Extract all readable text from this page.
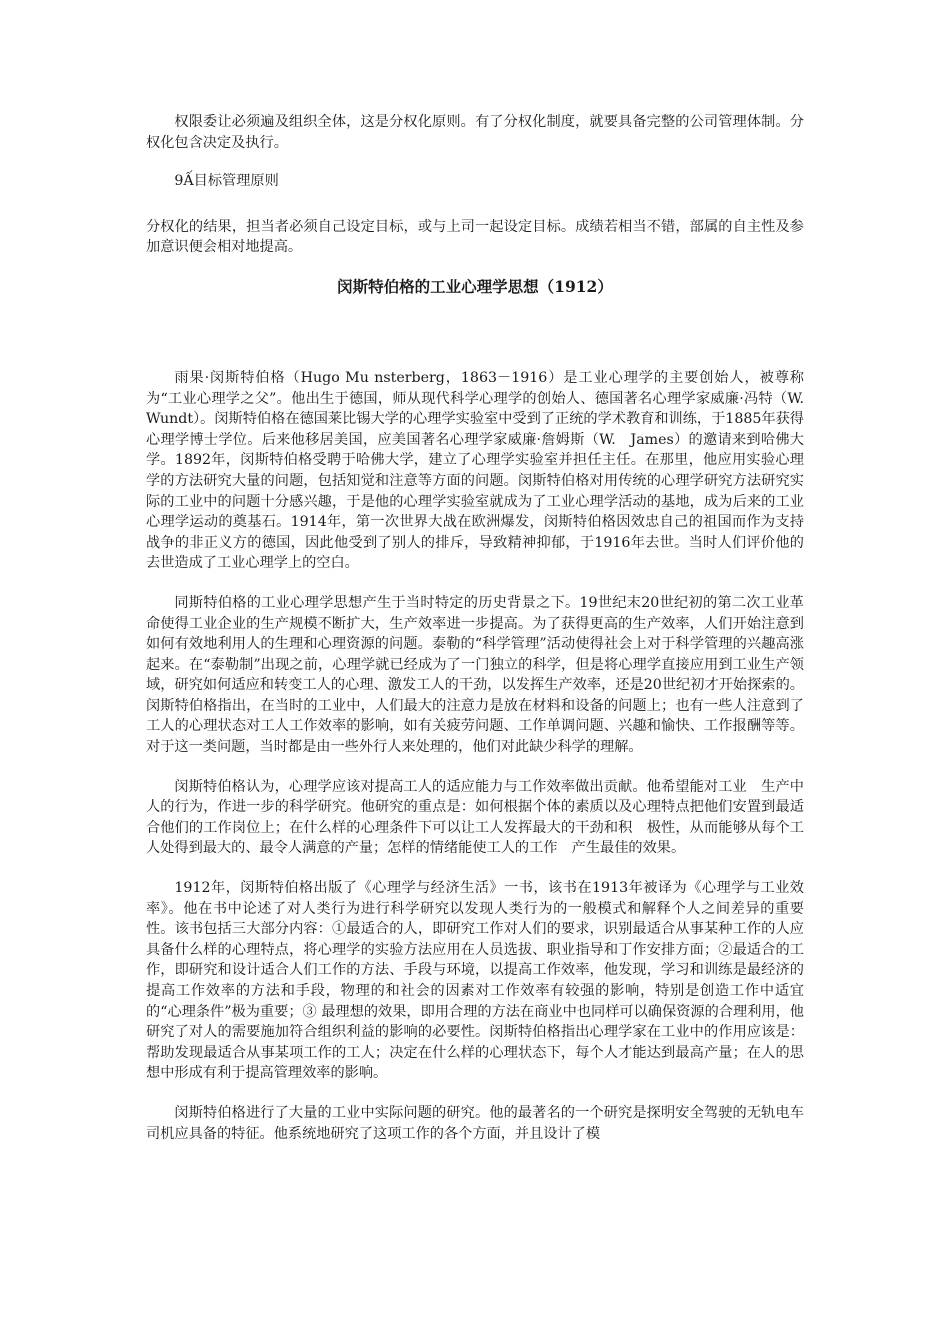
权限委让必须遍及组织全体，这是分权化原则。有了分权化制度，就要具备完整的公司管理体制。分权化包含决定及执行。

9Ấ目标管理原则

分权化的结果，担当者必须自己设定目标，或与上司一起设定目标。成绩若相当不错，部属的自主性及参加意识便会相对地提高。

闵斯特伯格的工业心理学思想（1912）

雨果·闵斯特伯格（Hugo Mu nsterberg，1863－1916）是工业心理学的主要创始人，被尊称为“工业心理学之父”。他出生于德国，师从现代科学心理学的创始人、德国著名心理学家威廉·冯特（W.　Wundt）。闵斯特伯格在德国莱比锡大学的心理学实验室中受到了正统的学术教育和训练，于1885年获得心理学博士学位。后来他移居美国，应美国著名心理学家威廉·詹姆斯（W.　James）的邀请来到哈佛大学。1892年，闵斯特伯格受聘于哈佛大学，建立了心理学实验室并担任主任。在那里，他应用实验心理学的方法研究大量的问题，包括知觉和注意等方面的问题。闵斯特伯格对用传统的心理学研究方法研究实际的工业中的问题十分感兴趣，于是他的心理学实验室就成为了工业心理学活动的基地，成为后来的工业心理学运动的奠基石。1914年，第一次世界大战在欧洲爆发，闵斯特伯格因效忠自己的祖国而作为支持战争的非正义方的德国，因此他受到了别人的排斥，导致精神抑郁，于1916年去世。当时人们评价他的去世造成了工业心理学上的空白。

同斯特伯格的工业心理学思想产生于当时特定的历史背景之下。19世纪末20世纪初的第二次工业革命使得工业企业的生产规模不断扩大，生产效率进一步提高。为了获得更高的生产效率，人们开始注意到如何有效地利用人的生理和心理资源的问题。泰勒的“科学管理”活动使得社会上对于科学管理的兴趣高涨起来。在“泰勒制”出现之前，心理学就已经成为了一门独立的科学，但是将心理学直接应用到工业生产领域，研究如何适应和转变工人的心理、激发工人的干劲，以发挥生产效率，还是20世纪初才开始探索的。闵斯特伯格指出，在当时的工业中，人们最大的注意力是放在材料和设备的问题上；也有一些人注意到了工人的心理状态对工人工作效率的影响，如有关疲劳问题、工作单调问题、兴趣和愉快、工作报酬等等。对于这一类问题，当时都是由一些外行人来处理的，他们对此缺少科学的理解。

闵斯特伯格认为，心理学应该对提高工人的适应能力与工作效率做出贡献。他希望能对工业　生产中人的行为，作进一步的科学研究。他研究的重点是：如何根据个体的素质以及心理特点把他们安置到最适合他们的工作岗位上；在什么样的心理条件下可以让工人发挥最大的干劲和积　极性，从而能够从每个工人处得到最大的、最令人满意的产量；怎样的情绪能使工人的工作　产生最佳的效果。

1912年，闵斯特伯格出版了《心理学与经济生活》一书，该书在1913年被译为《心理学与工业效率》。他在书中论述了对人类行为进行科学研究以发现人类行为的一般模式和解释个人之间差异的重要性。该书包括三大部分内容：①最适合的人，即研究工作对人们的要求，识别最适合从事某种工作的人应具备什么样的心理特点，将心理学的实验方法应用在人员选拔、职业指导和丁作安排方面；②最适合的工作，即研究和设计适合人们工作的方法、手段与环境，以提高工作效率，他发现，学习和训练是最经济的提高工作效率的方法和手段，物理的和社会的因素对工作效率有较强的影响，特别是创造工作中适宜的“心理条件”极为重要；③ 最理想的效果，即用合理的方法在商业中也同样可以确保资源的合理利用，他研究了对人的需要施加符合组织利益的影响的必要性。闵斯特伯格指出心理学家在工业中的作用应该是：帮助发现最适合从事某项工作的工人；决定在什么样的心理状态下，每个人才能达到最高产量；在人的思想中形成有利于提高管理效率的影响。

闵斯特伯格进行了大量的工业中实际问题的研究。他的最著名的一个研究是探明安全驾驶的无轨电车司机应具备的特征。他系统地研究了这项工作的各个方面，并且设计了模
